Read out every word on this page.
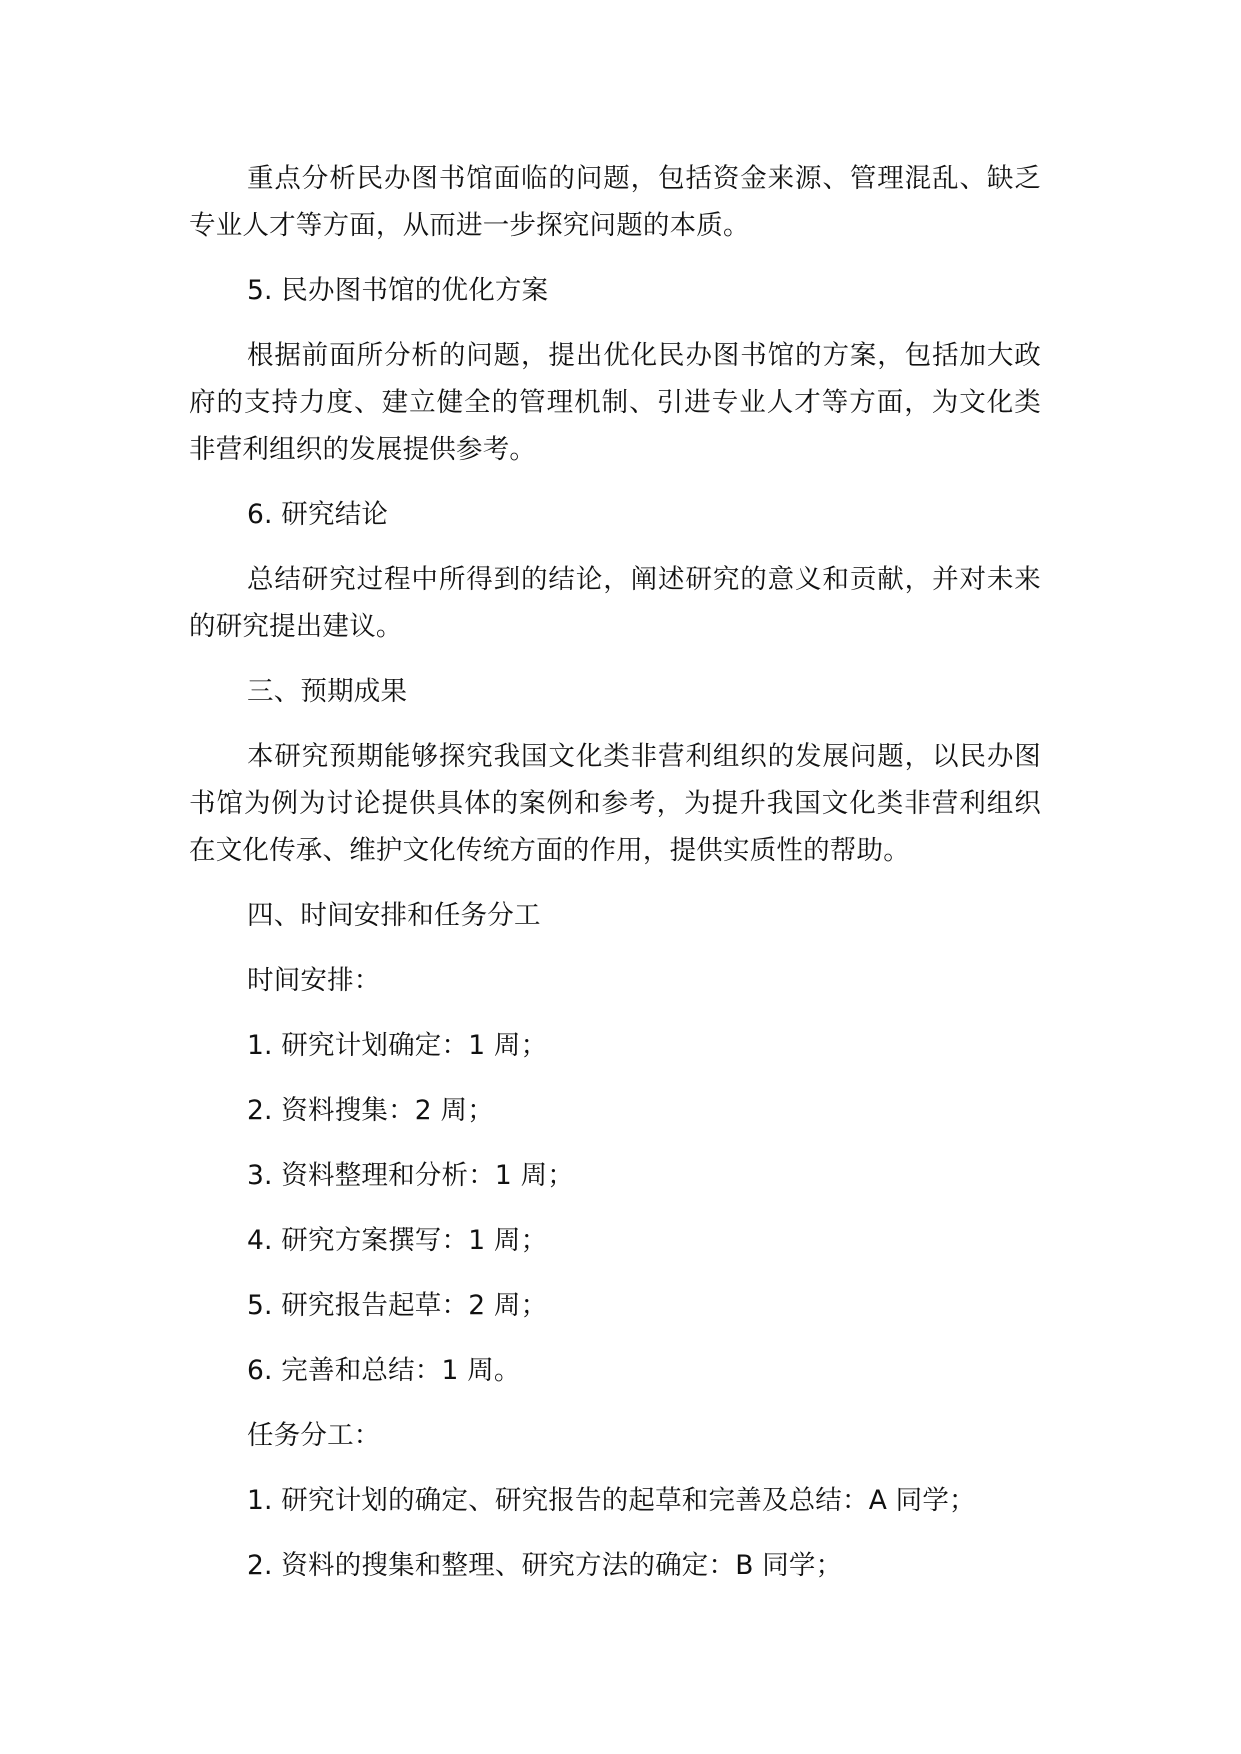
重点分析民办图书馆面临的问题，包括资金来源、管理混乱、缺乏专业人才等方面，从而进一步探究问题的本质。

5. 民办图书馆的优化方案

根据前面所分析的问题，提出优化民办图书馆的方案，包括加大政府的支持力度、建立健全的管理机制、引进专业人才等方面，为文化类非营利组织的发展提供参考。

6. 研究结论

总结研究过程中所得到的结论，阐述研究的意义和贡献，并对未来的研究提出建议。

三、预期成果

本研究预期能够探究我国文化类非营利组织的发展问题，以民办图书馆为例为讨论提供具体的案例和参考，为提升我国文化类非营利组织在文化传承、维护文化传统方面的作用，提供实质性的帮助。

四、时间安排和任务分工

时间安排：

1. 研究计划确定：1 周；

2. 资料搜集：2 周；

3. 资料整理和分析：1 周；

4. 研究方案撰写：1 周；

5. 研究报告起草：2 周；

6. 完善和总结：1 周。

任务分工：

1. 研究计划的确定、研究报告的起草和完善及总结：A 同学；

2. 资料的搜集和整理、研究方法的确定：B 同学；
